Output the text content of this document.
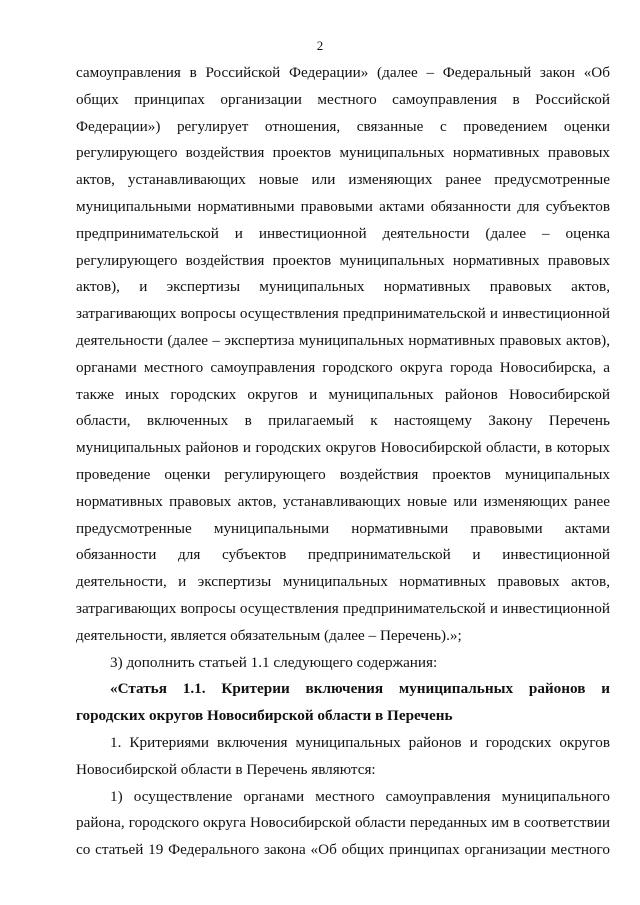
2
самоуправления в Российской Федерации» (далее – Федеральный закон «Об
общих принципах организации местного самоуправления в Российской
Федерации») регулирует отношения, связанные с проведением оценки
регулирующего воздействия проектов муниципальных нормативных правовых
актов, устанавливающих новые или изменяющих ранее предусмотренные
муниципальными нормативными правовыми актами обязанности для субъектов
предпринимательской и инвестиционной деятельности (далее – оценка
регулирующего воздействия проектов муниципальных нормативных правовых
актов), и экспертизы муниципальных нормативных правовых актов,
затрагивающих вопросы осуществления предпринимательской и инвестиционной
деятельности (далее – экспертиза муниципальных нормативных правовых актов),
органами местного самоуправления городского округа города Новосибирска, а
также иных городских округов и муниципальных районов Новосибирской
области, включенных в прилагаемый к настоящему Закону Перечень
муниципальных районов и городских округов Новосибирской области, в которых
проведение оценки регулирующего воздействия проектов муниципальных
нормативных правовых актов, устанавливающих новые или изменяющих ранее
предусмотренные муниципальными нормативными правовыми актами
обязанности для субъектов предпринимательской и инвестиционной
деятельности, и экспертизы муниципальных нормативных правовых актов,
затрагивающих вопросы осуществления предпринимательской и инвестиционной
деятельности, является обязательным (далее – Перечень).»;
3) дополнить статьей 1.1 следующего содержания:
«Статья 1.1. Критерии включения муниципальных районов и
городских округов Новосибирской области в Перечень
1. Критериями включения муниципальных районов и городских округов
Новосибирской области в Перечень являются:
1) осуществление органами местного самоуправления муниципального
района, городского округа Новосибирской области переданных им в соответствии
со статьей 19 Федерального закона «Об общих принципах организации местного
